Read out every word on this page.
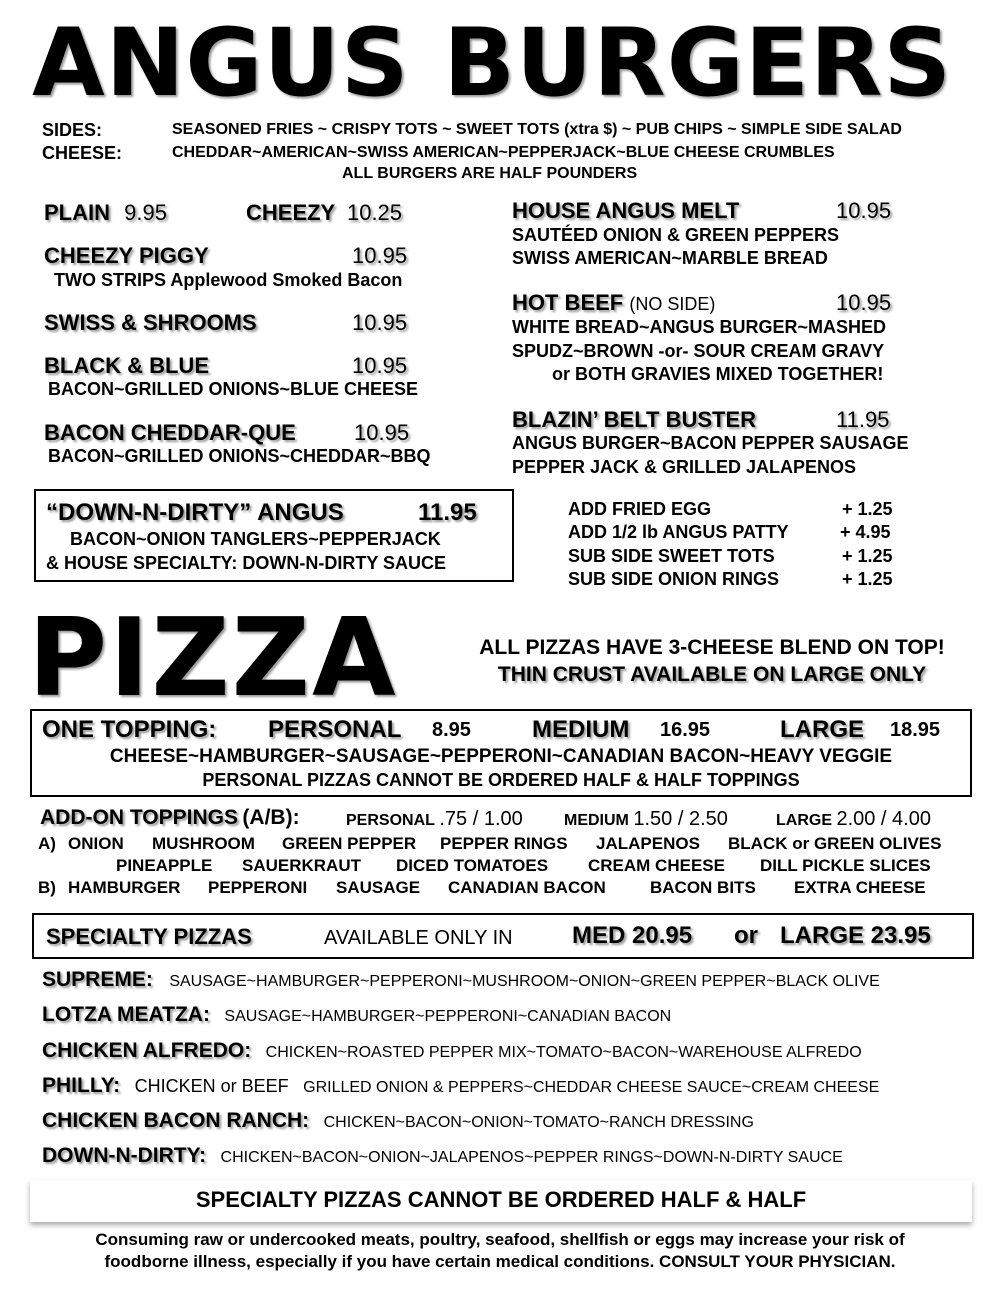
ANGUS BURGERS
SIDES:	SEASONED FRIES ~ CRISPY TOTS ~ SWEET TOTS (xtra $) ~ PUB CHIPS ~ SIMPLE SIDE SALAD
CHEESE:	CHEDDAR~AMERICAN~SWISS AMERICAN~PEPPERJACK~BLUE CHEESE CRUMBLES
ALL BURGERS ARE HALF POUNDERS
PLAIN 9.95	CHEEZY 10.25
CHEEZY PIGGY	10.95
TWO STRIPS Applewood Smoked Bacon
SWISS & SHROOMS	10.95
BLACK & BLUE	10.95
BACON~GRILLED ONIONS~BLUE CHEESE
BACON CHEDDAR-QUE	10.95
BACON~GRILLED ONIONS~CHEDDAR~BBQ
HOUSE ANGUS MELT	10.95
SAUTÉED ONION & GREEN PEPPERS
SWISS AMERICAN~MARBLE BREAD
HOT BEEF (NO SIDE)	10.95
WHITE BREAD~ANGUS BURGER~MASHED
SPUDZ~BROWN -or- SOUR CREAM GRAVY
or BOTH GRAVIES MIXED TOGETHER!
BLAZIN’ BELT BUSTER	11.95
ANGUS BURGER~BACON PEPPER SAUSAGE
PEPPER JACK & GRILLED JALAPENOS
“DOWN-N-DIRTY” ANGUS	11.95
BACON~ONION TANGLERS~PEPPERJACK
& HOUSE SPECIALTY: DOWN-N-DIRTY SAUCE
ADD FRIED EGG	+ 1.25
ADD 1/2 lb ANGUS PATTY	+ 4.95
SUB SIDE SWEET TOTS	+ 1.25
SUB SIDE ONION RINGS	+ 1.25
PIZZA	ALL PIZZAS HAVE 3-CHEESE BLEND ON TOP!
THIN CRUST AVAILABLE ON LARGE ONLY
ONE TOPPING: PERSONAL 8.95	MEDIUM 16.95	LARGE 18.95
CHEESE~HAMBURGER~SAUSAGE~PEPPERONI~CANADIAN BACON~HEAVY VEGGIE
PERSONAL PIZZAS CANNOT BE ORDERED HALF & HALF TOPPINGS
ADD-ON TOPPINGS (A/B):	PERSONAL .75 / 1.00	MEDIUM 1.50 / 2.50	LARGE 2.00 / 4.00
A) ONION MUSHROOM GREEN PEPPER PEPPER RINGS JALAPENOS BLACK or GREEN OLIVES
PINEAPPLE SAUERKRAUT DICED TOMATOES CREAM CHEESE DILL PICKLE SLICES
B) HAMBURGER PEPPERONI SAUSAGE CANADIAN BACON	BACON BITS EXTRA CHEESE
SPECIALTY PIZZAS	AVAILABLE ONLY IN MED 20.95 or LARGE 23.95
SUPREME: SAUSAGE~HAMBURGER~PEPPERONI~MUSHROOM~ONION~GREEN PEPPER~BLACK OLIVE
LOTZA MEATZA: SAUSAGE~HAMBURGER~PEPPERONI~CANADIAN BACON
CHICKEN ALFREDO: CHICKEN~ROASTED PEPPER MIX~TOMATO~BACON~WAREHOUSE ALFREDO
PHILLY: CHICKEN or BEEF GRILLED ONION & PEPPERS~CHEDDAR CHEESE SAUCE~CREAM CHEESE
CHICKEN BACON RANCH: CHICKEN~BACON~ONION~TOMATO~RANCH DRESSING
DOWN-N-DIRTY: CHICKEN~BACON~ONION~JALAPENOS~PEPPER RINGS~DOWN-N-DIRTY SAUCE
SPECIALTY PIZZAS CANNOT BE ORDERED HALF & HALF
Consuming raw or undercooked meats, poultry, seafood, shellfish or eggs may increase your risk of
foodborne illness, especially if you have certain medical conditions. CONSULT YOUR PHYSICIAN.
